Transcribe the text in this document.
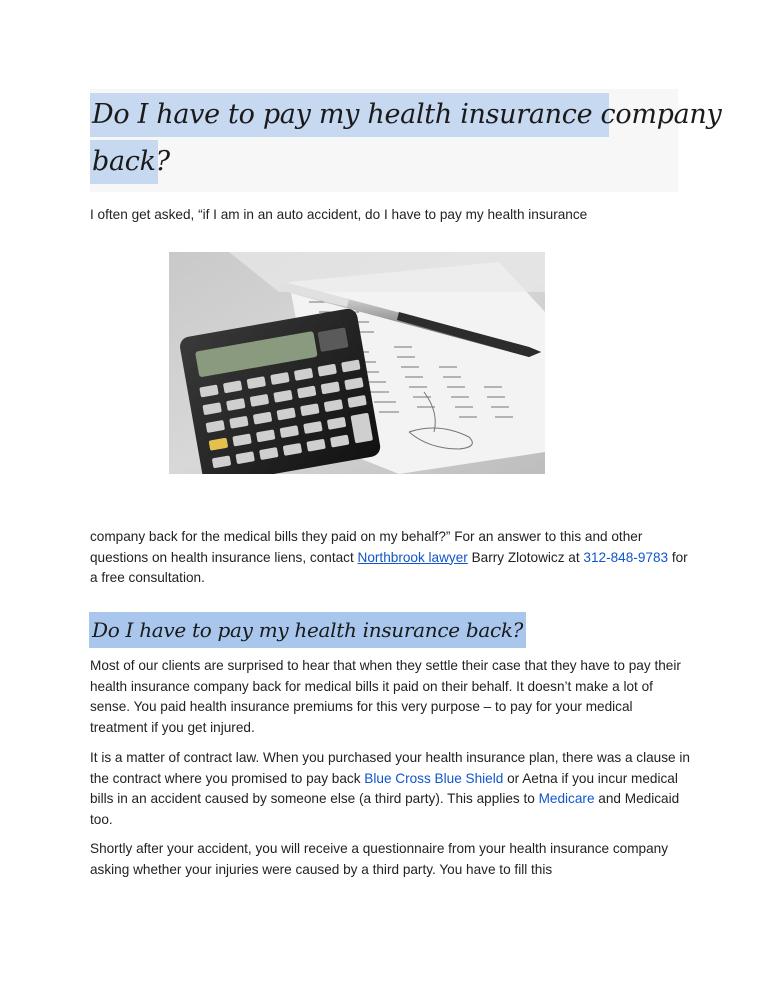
Do I have to pay my health insurance company
back?
I often get asked, “if I am in an auto accident, do I have to pay my health insurance
company back for the medical bills they paid on my behalf?” For an answer to this and other questions on health insurance liens, contact Northbrook lawyer Barry Zlotowicz at 312-848-9783 for a free consultation.
Do I have to pay my health insurance back?
Most of our clients are surprised to hear that when they settle their case that they have to pay their health insurance company back for medical bills it paid on their behalf. It doesn’t make a lot of sense. You paid health insurance premiums for this very purpose – to pay for your medical treatment if you get injured.
It is a matter of contract law. When you purchased your health insurance plan, there was a clause in the contract where you promised to pay back Blue Cross Blue Shield or Aetna if you incur medical bills in an accident caused by someone else (a third party). This applies to Medicare and Medicaid too.
Shortly after your accident, you will receive a questionnaire from your health insurance company asking whether your injuries were caused by a third party. You have to fill this
